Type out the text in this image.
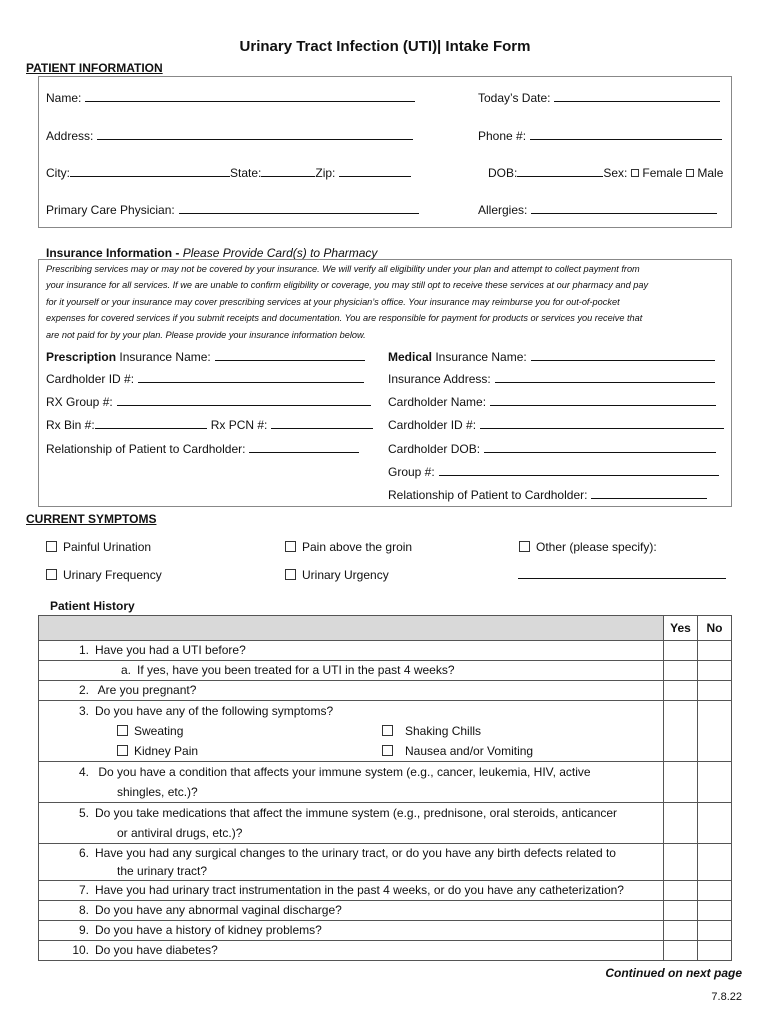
Urinary Tract Infection (UTI)| Intake Form
PATIENT INFORMATION
Name:	Today’s Date:
Address:	Phone #:
City:	State:	Zip:	DOB:	Sex: Female Male
Primary Care Physician:	Allergies:
Insurance Information - Please Provide Card(s) to Pharmacy
Prescribing services may or may not be covered by your insurance. We will verify all eligibility under your plan and attempt to collect payment from
your insurance for all services. If we are unable to confirm eligibility or coverage, you may still opt to receive these services at our pharmacy and pay
for it yourself or your insurance may cover prescribing services at your physician’s office. Your insurance may reimburse you for out-of-pocket
expenses for covered services if you submit receipts and documentation. You are responsible for payment for products or services you receive that
are not paid for by your plan. Please provide your insurance information below.
Prescription Insurance Name:
Cardholder ID #:
RX Group #:
Rx Bin #:	Rx PCN #:
Relationship of Patient to Cardholder:
Medical Insurance Name:
Insurance Address:
Cardholder Name:
Cardholder ID #:
Cardholder DOB:
Group #:
Relationship of Patient to Cardholder:
CURRENT SYMPTOMS
Painful Urination	Pain above the groin	Other (please specify):
Urinary Frequency	Urinary Urgency
Patient History
	Yes	No
1. Have you had a UTI before?		
a. If yes, have you been treated for a UTI in the past 4 weeks?		
2. Are you pregnant?		

3. Do you have any of the following symptoms?
Sweating Shaking Chills
Kidney Pain Nausea and/or Vomiting		

4. Do you have a condition that affects your immune system (e.g., cancer, leukemia, HIV, active
shingles, etc.)?		

5. Do you take medications that affect the immune system (e.g., prednisone, oral steroids, anticancer
or antiviral drugs, etc.)?		

6. Have you had any surgical changes to the urinary tract, or do you have any birth defects related to
the urinary tract?		

7. Have you had urinary tract instrumentation in the past 4 weeks, or do you have any catheterization?		
8. Do you have any abnormal vaginal discharge?		
9. Do you have a history of kidney problems?		
10. Do you have diabetes?		
Continued on next page
7.8.22
